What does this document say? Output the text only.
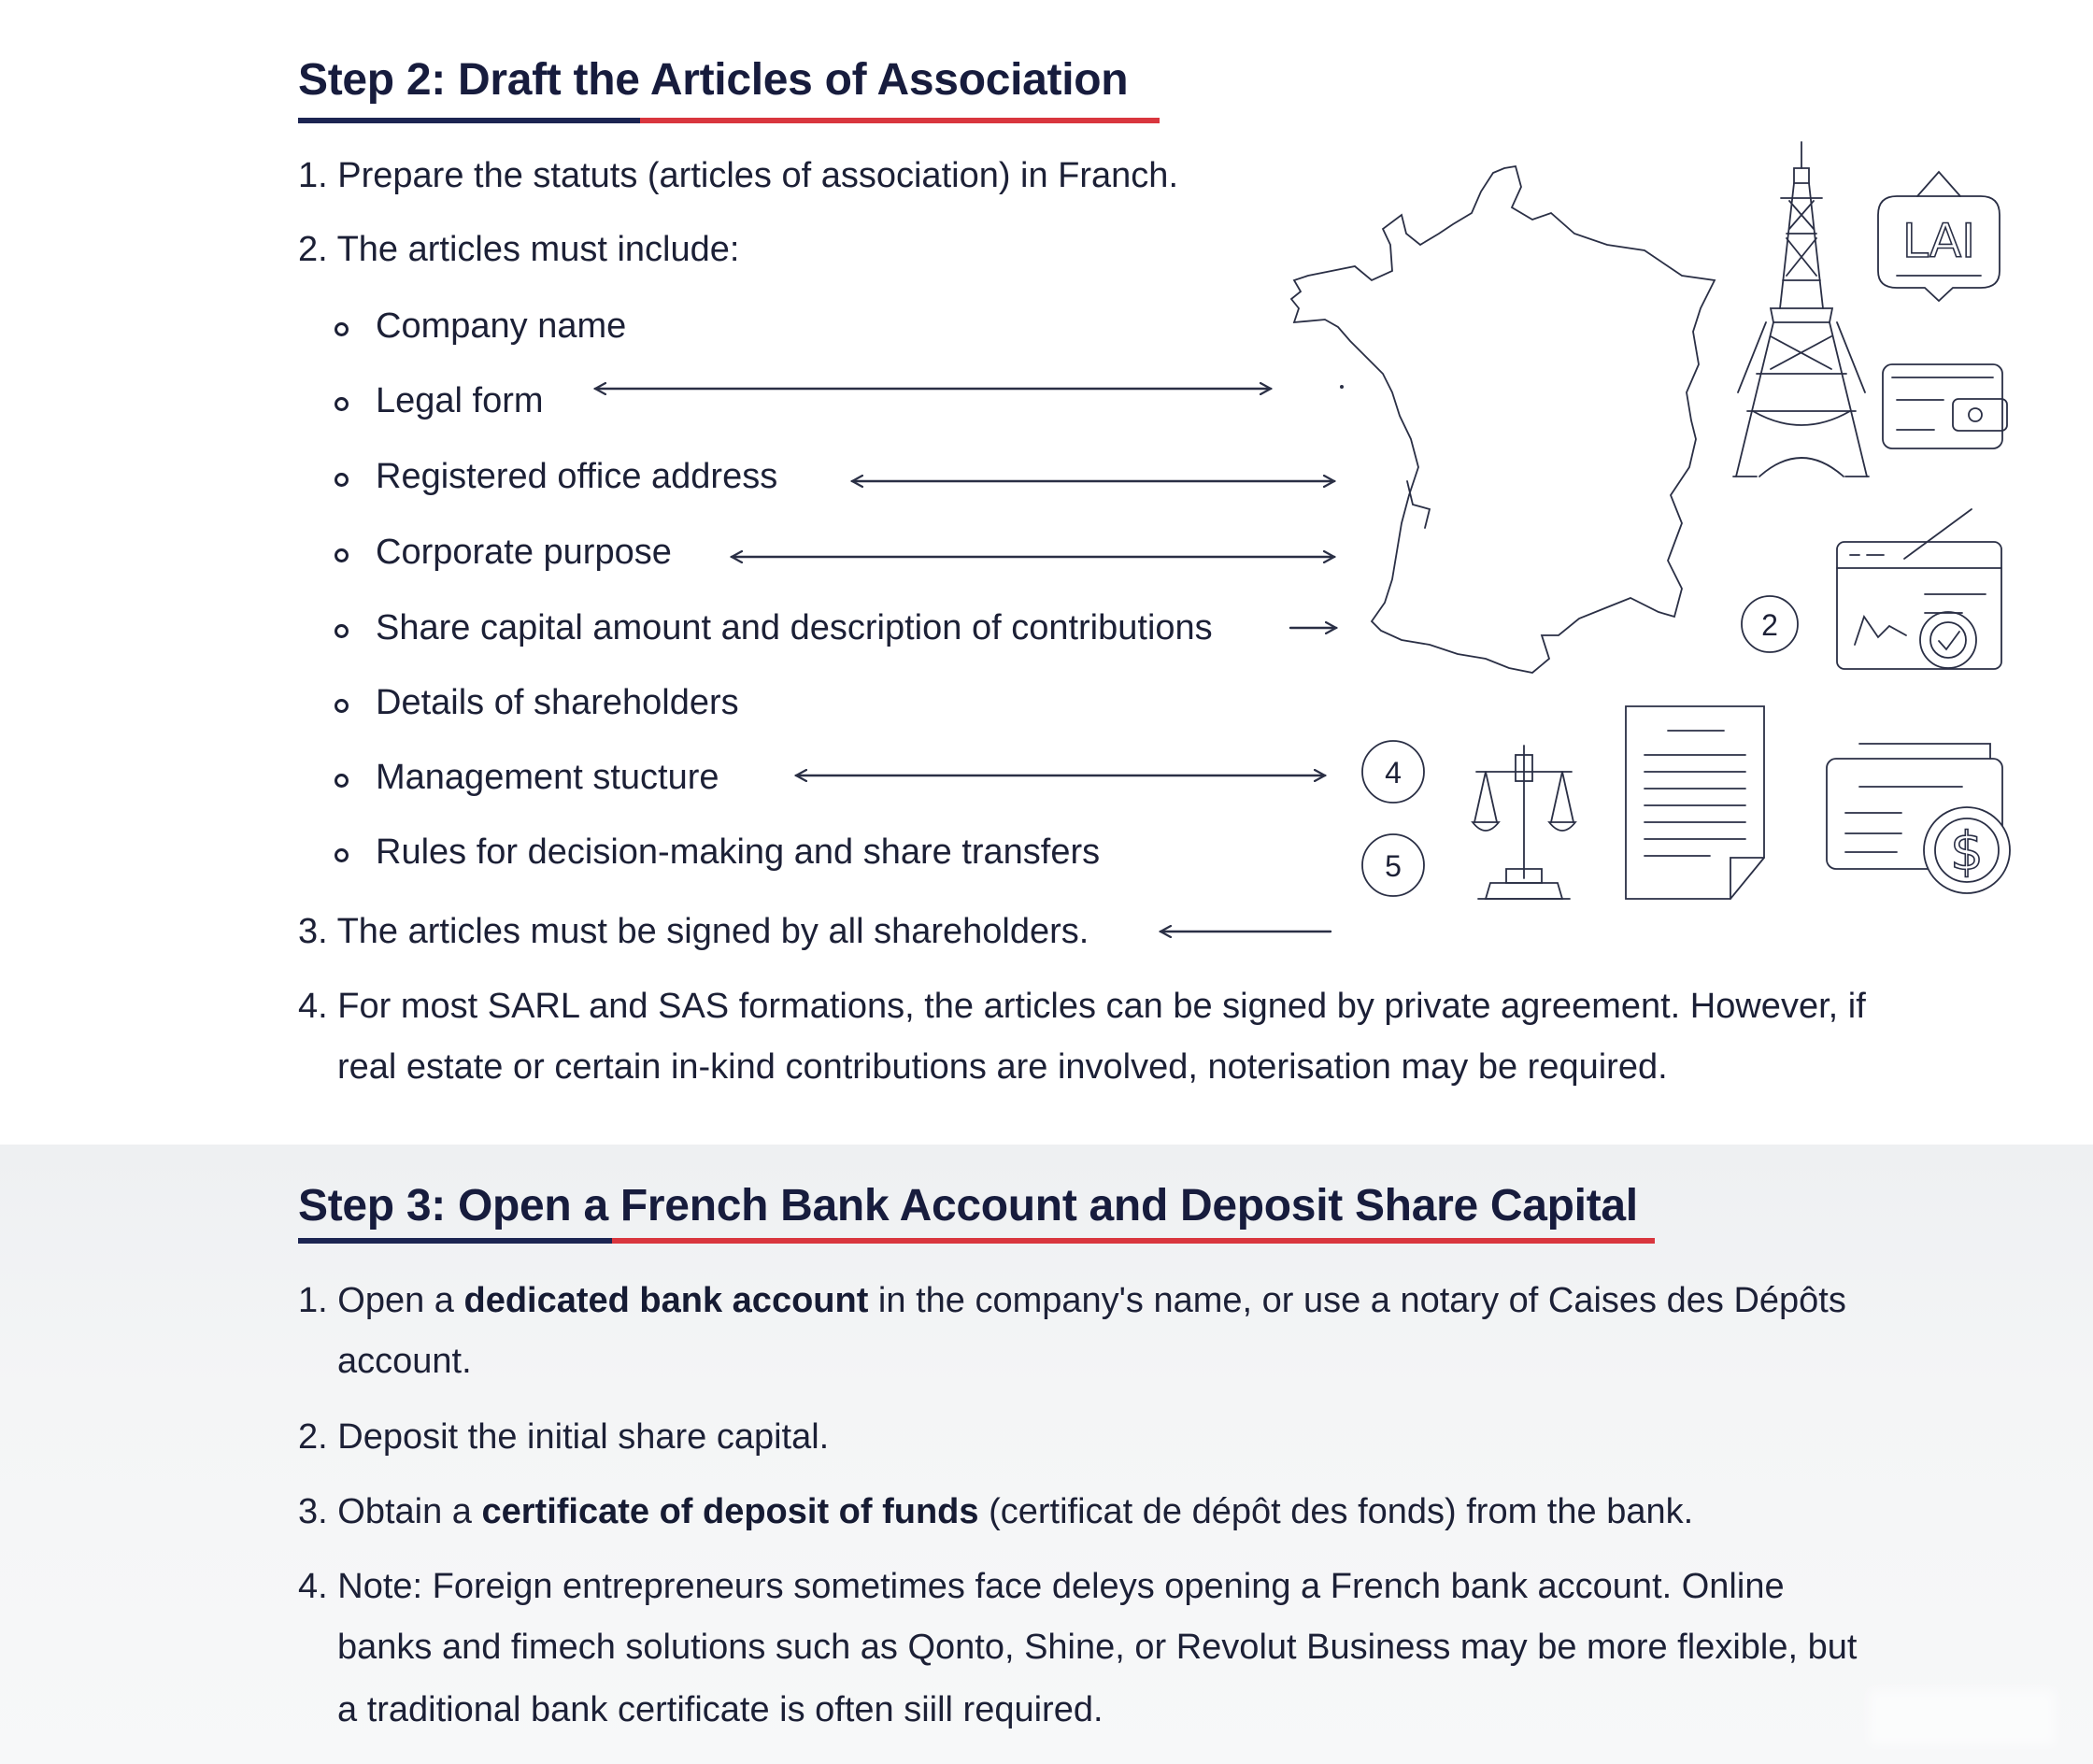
Step 2: Draft the Articles of Association
1. Prepare the statuts (articles of association) in Franch.
2. The articles must include:
Company name
Legal form
Registered office address
Corporate purpose
Share capital amount and description of contributions
Details of shareholders
Management stucture
Rules for decision-making and share transfers
3. The articles must be signed by all shareholders.
4. For most SARL and SAS formations, the articles can be signed by private agreement. However, if
real estate or certain in-kind contributions are involved, noterisation may be required.
LAI
2
4
5	$
Step 3: Open a French Bank Account and Deposit Share Capital
1. Open a dedicated bank account in the company's name, or use a notary of Caises des Dépôts
account.
2. Deposit the initial share capital.
3. Obtain a certificate of deposit of funds (certificat de dépôt des fonds) from the bank.
4. Note: Foreign entrepreneurs sometimes face deleys opening a French bank account. Online
banks and fimech solutions such as Qonto, Shine, or Revolut Business may be more flexible, but
a traditional bank certificate is often siill required.
